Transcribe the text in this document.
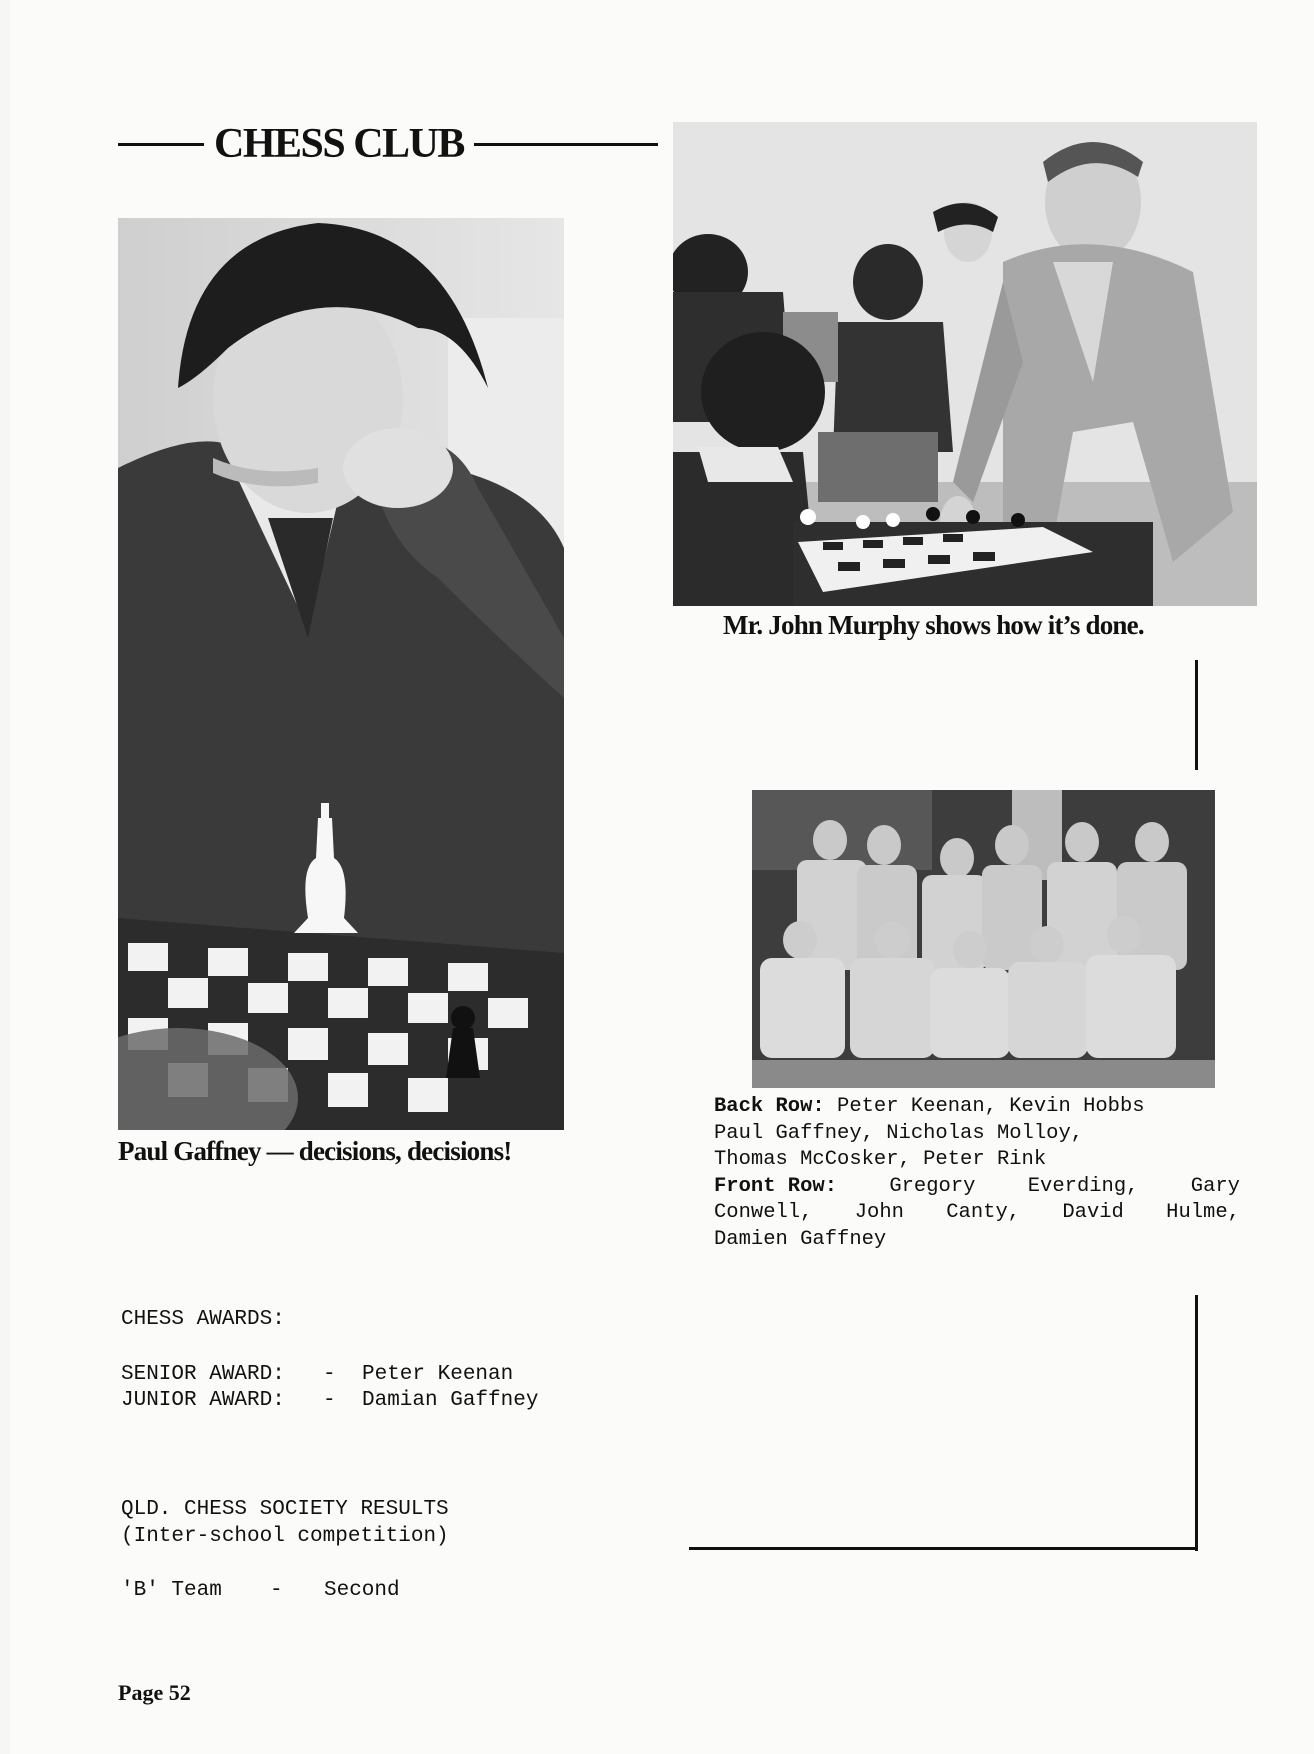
CHESS CLUB
Paul Gaffney — decisions, decisions!
Mr. John Murphy shows how it’s done.
Back Row:
Peter Keenan, Kevin Hobbs
Paul Gaffney, Nicholas Molloy,
Thomas McCosker, Peter Rink
Front Row:	Gregory	Everding,	Gary
Conwell, John Canty, David Hulme,
Damien Gaffney
CHESS AWARDS:
SENIOR AWARD: - Peter Keenan
JUNIOR AWARD: - Damian Gaffney
QLD. CHESS SOCIETY RESULTS
(Inter-school competition)
'B' Team - Second
Page 52
